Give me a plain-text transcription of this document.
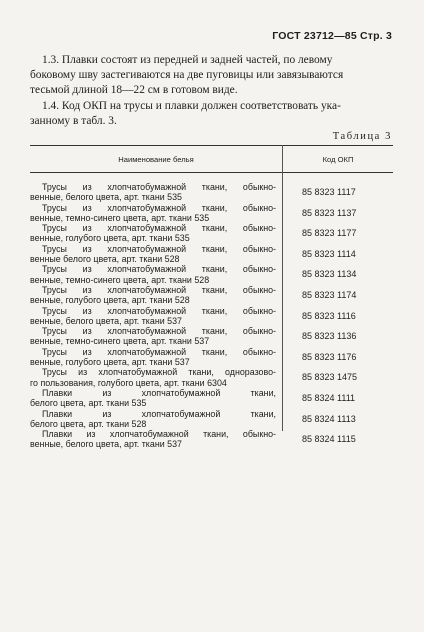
ГОСТ 23712—85 Стр. 3
1.3. Плавки состоят из передней и задней частей, по левому
боковому шву застегиваются на две пуговицы или завязываются
тесьмой длиной 18—22 см в готовом виде.
1.4. Код ОКП на трусы и плавки должен соответствовать ука-
занному в табл. 3.
Таблица 3
Наименование белья	Код ОКП
Трусы из хлопчатобумажной ткани, обыкно-
венные, белого цвета, арт. ткани 535
85 8323 1117
Трусы из хлопчатобумажной ткани, обыкно-
венные, темно-синего цвета, арт. ткани 535
85 8323 1137
Трусы из хлопчатобумажной ткани, обыкно-
венные, голубого цвета, арт. ткани 535
85 8323 1177
Трусы из хлопчатобумажной ткани, обыкно-
венные белого цвета, арт. ткани 528
85 8323 1114
Трусы из хлопчатобумажной ткани, обыкно-
венные, темно-синего цвета, арт. ткани 528
85 8323 1134
Трусы из хлопчатобумажной ткани, обыкно-
венные, голубого цвета, арт. ткани 528
85 8323 1174
Трусы из хлопчатобумажной ткани, обыкно-
венные, белого цвета, арт. ткани 537
85 8323 1116
Трусы из хлопчатобумажной ткани, обыкно-
венные, темно-синего цвета, арт. ткани 537
85 8323 1136
Трусы из хлопчатобумажной ткани, обыкно-
венные, голубого цвета, арт. ткани 537
85 8323 1176
Трусы из хлопчатобумажной ткани, одноразово-
го пользования, голубого цвета, арт. ткани 6304
85 8323 1475
Плавки из хлопчатобумажной ткани,
белого цвета, арт. ткани 535
85 8324 1111
Плавки из хлопчатобумажной ткани,
белого цвета, арт. ткани 528
85 8324 1113
Плавки из хлопчатобумажной ткани, обыкно-
венные, белого цвета, арт. ткани 537
85 8324 1115
